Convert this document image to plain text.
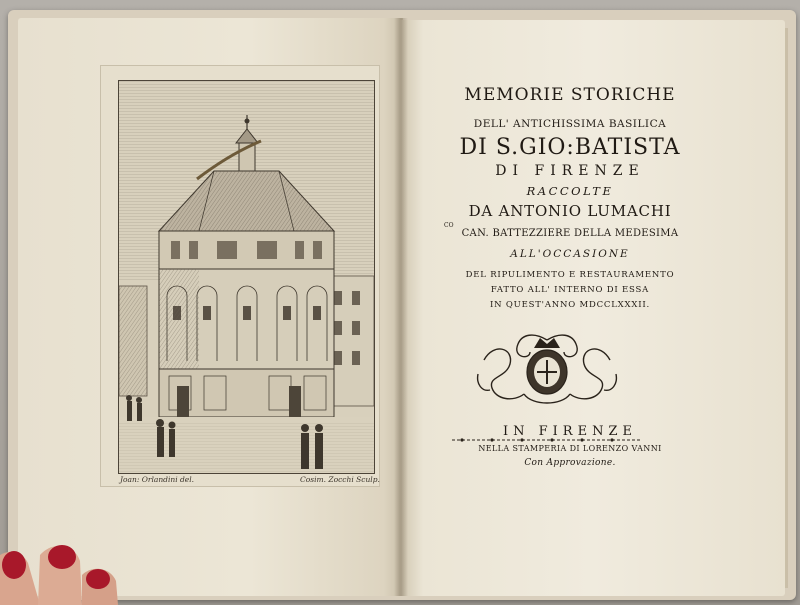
Joan: Orlandini del.	Cosim. Zocchi Sculp.
MEMORIE STORICHE
DELL' ANTICHISSIMA BASILICA
DI S.GIO:BATISTA
DI FIRENZE
RACCOLTE
DA ANTONIO LUMACHI
CO
CAN. BATTEZZIERE DELLA MEDESIMA
ALL'OCCASIONE
DEL RIPULIMENTO E RESTAURAMENTO
FATTO ALL' INTERNO DI ESSA
IN QUEST'ANNO MDCCLXXXII.
IN FIRENZE
NELLA STAMPERIA DI LORENZO VANNI
Con Approvazione.
